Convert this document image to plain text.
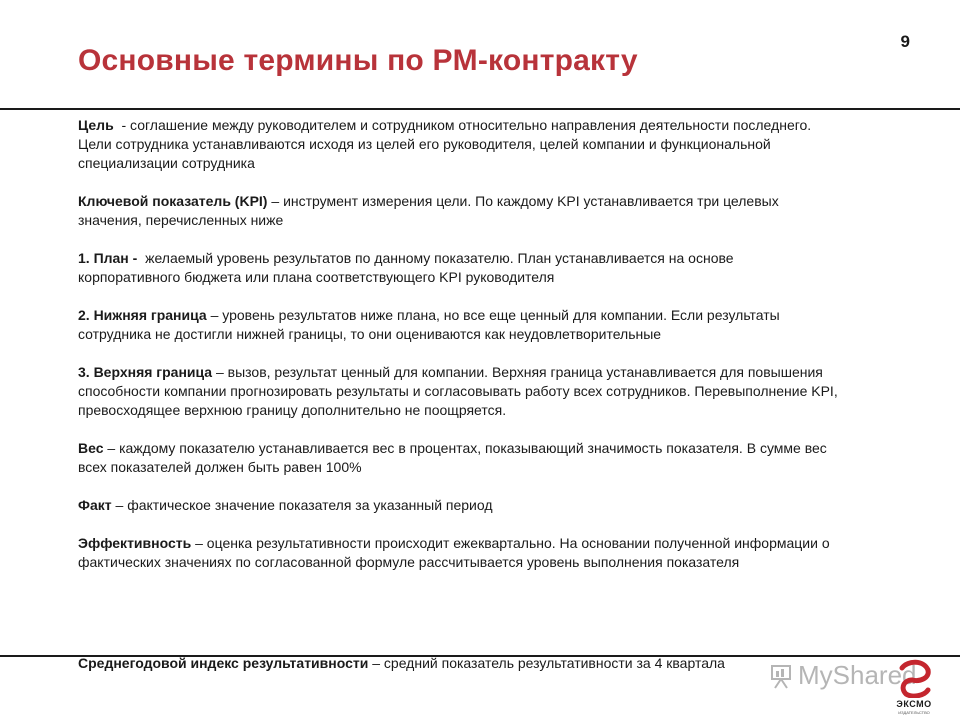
9
Основные термины по PM-контракту

Цель  - соглашение между руководителем и сотрудником относительно направления деятельности последнего. Цели сотрудника устанавливаются исходя из целей его руководителя, целей компании и функциональной специализации сотрудника

Ключевой показатель (KPI) – инструмент измерения цели. По каждому KPI устанавливается три целевых значения, перечисленных ниже

1. План - желаемый уровень результатов по данному показателю. План устанавливается на основе корпоративного бюджета или плана соответствующего KPI руководителя

2. Нижняя граница – уровень результатов ниже плана, но все еще ценный для компании. Если результаты сотрудника не достигли нижней границы, то они оцениваются как неудовлетворительные

3. Верхняя граница – вызов, результат ценный для компании. Верхняя граница устанавливается для повышения способности компании прогнозировать результаты и согласовывать работу всех сотрудников. Перевыполнение KPI, превосходящее верхнюю границу дополнительно не поощряется.

Вес – каждому показателю устанавливается вес в процентах, показывающий значимость показателя. В сумме вес всех показателей должен быть равен 100%

Факт – фактическое значение показателя за указанный период

Эффективность – оценка результативности происходит ежеквартально. На основании полученной информации о фактических значениях по согласованной формуле рассчитывается уровень выполнения показателя

Среднегодовой индекс результативности – средний показатель результативности за 4 квартала	MyShared
ЭКСМО
ИЗДАТЕЛЬСТВО
